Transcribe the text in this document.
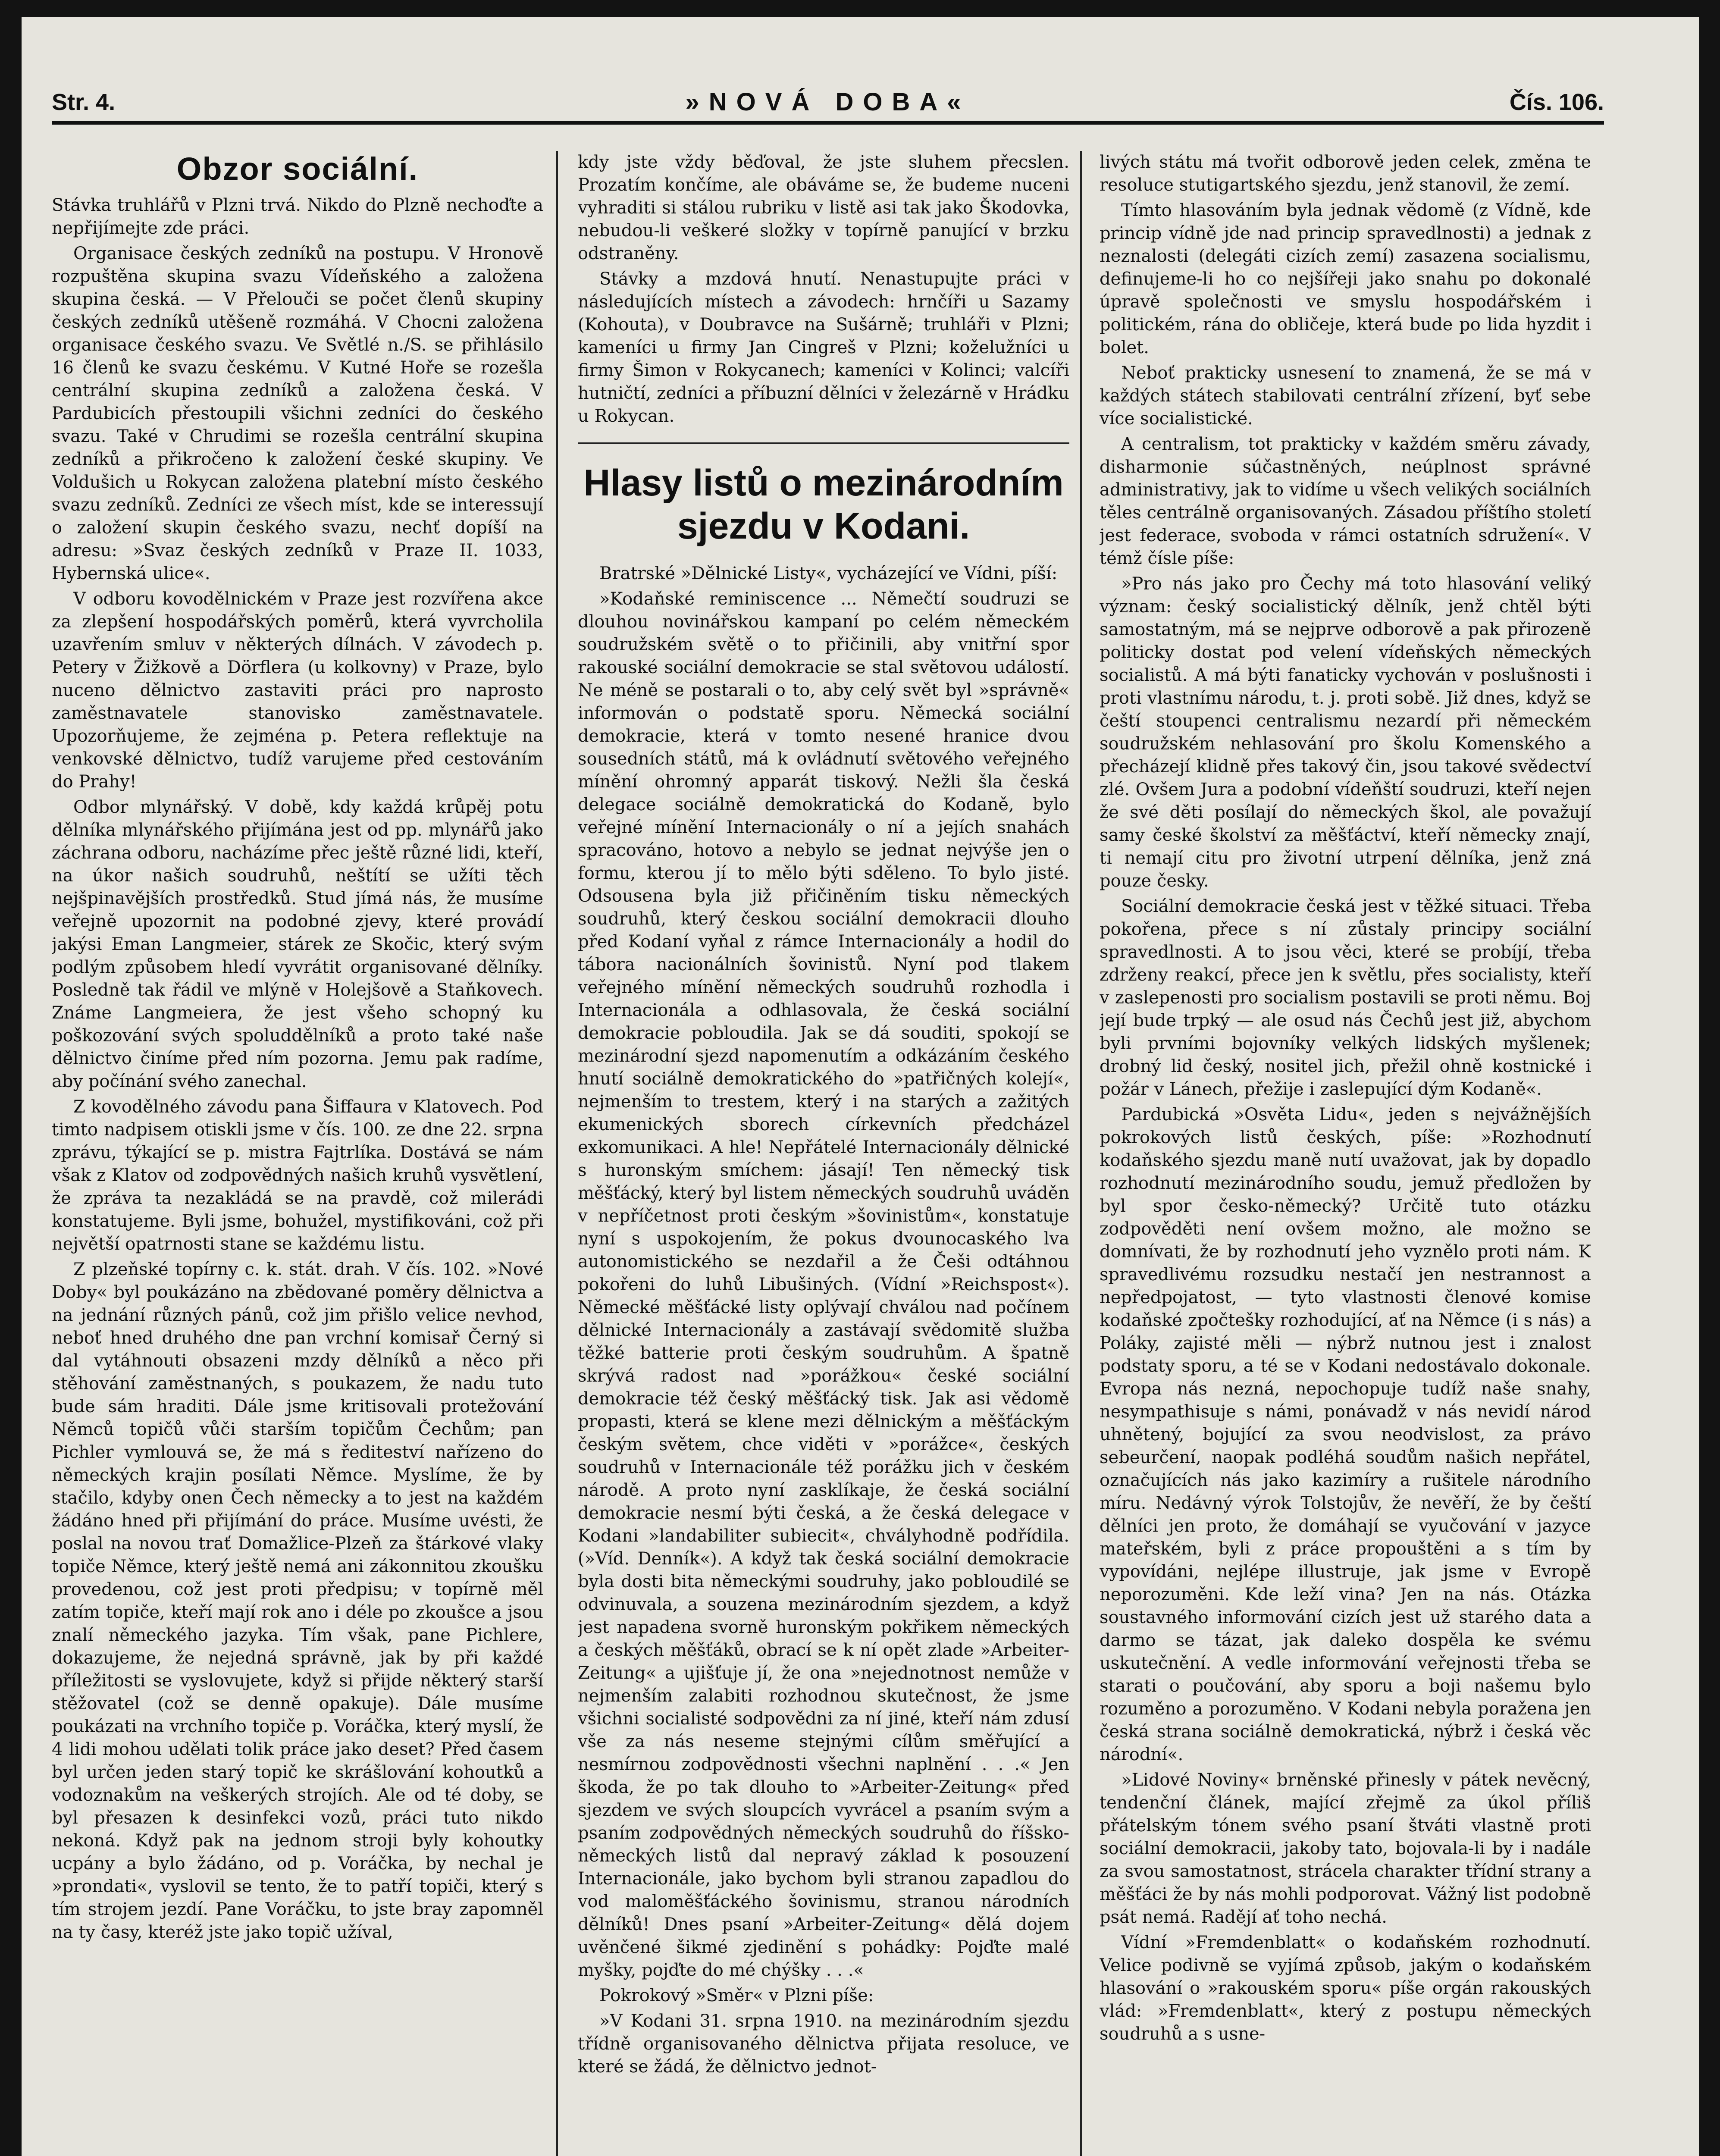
Str. 4.	»NOVÁ DOBA«	Čís. 106.
Obzor sociální.

Stávka truhlářů v Plzni trvá. Nikdo do Plzně nechoďte a nepřijímejte zde práci.

Organisace českých zedníků na postupu. V Hronově rozpuštěna skupina svazu Vídeňského a založena skupina česká. — V Přelouči se počet členů skupiny českých zedníků utěšeně rozmáhá. V Chocni založena organisace českého svazu. Ve Světlé n./S. se přihlásilo 16 členů ke svazu českému. V Kutné Hoře se rozešla centrální skupina zedníků a založena česká. V Pardubicích přestoupili všichni zedníci do českého svazu. Také v Chrudimi se rozešla centrální skupina zedníků a přikročeno k založení české skupiny. Ve Voldušich u Rokycan založena platební místo českého svazu zedníků. Zedníci ze všech míst, kde se interessují o založení skupin českého svazu, nechť dopíší na adresu: »Svaz českých zedníků v Praze II. 1033, Hybernská ulice«.

V odboru kovodělnickém v Praze jest rozvířena akce za zlepšení hospodářských poměrů, která vyvrcholila uzavřením smluv v některých dílnách. V závodech p. Petery v Žižkově a Dörflera (u kolkovny) v Praze, bylo nuceno dělnictvo zastaviti práci pro naprosto zaměstnavatele stanovisko zaměstnavatele. Upozorňujeme, že zejména p. Petera reflektuje na venkovské dělnictvo, tudíž varujeme před cestováním do Prahy!

Odbor mlynářský. V době, kdy každá krůpěj potu dělníka mlynářského přijímána jest od pp. mlynářů jako záchrana odboru, nacházíme přec ještě různé lidi, kteří, na úkor našich soudruhů, neštítí se užíti těch nejšpinavějších prostředků. Stud jímá nás, že musíme veřejně upozornit na podobné zjevy, které provádí jakýsi Eman Langmeier, stárek ze Skočic, který svým podlým způsobem hledí vyvrátit organisované dělníky. Posledně tak řádil ve mlýně v Holejšově a Staňkovech. Známe Langmeiera, že jest všeho schopný ku poškozování svých spoluddělníků a proto také naše dělnictvo činíme před ním pozorna. Jemu pak radíme, aby počínání svého zanechal.

Z kovodělného závodu pana Šiffaura v Klatovech. Pod timto nadpisem otiskli jsme v čís. 100. ze dne 22. srpna zprávu, týkající se p. mistra Fajtrlíka. Dostává se nám však z Klatov od zodpovědných našich kruhů vysvětlení, že zpráva ta nezakládá se na pravdě, což milerádi konstatujeme. Byli jsme, bohužel, mystifikováni, což při největší opatrnosti stane se každému listu.

Z plzeňské topírny c. k. stát. drah. V čís. 102. »Nové Doby« byl poukázáno na zbědované poměry dělnictva a na jednání různých pánů, což jim přišlo velice nevhod, neboť hned druhého dne pan vrchní komisař Černý si dal vytáhnouti obsazeni mzdy dělníků a něco při stěhování zaměstnaných, s poukazem, že nadu tuto bude sám hraditi. Dále jsme kritisovali protežování Němců topičů vůči starším topičům Čechům; pan Pichler vymlouvá se, že má s řediteství nařízeno do německých krajin posílati Němce. Myslíme, že by stačilo, kdyby onen Čech německy a to jest na každém žádáno hned při přijímání do práce. Musíme uvésti, že poslal na novou trať Domažlice-Plzeň za štárkové vlaky topiče Němce, který ještě nemá ani zákonnitou zkoušku provedenou, což jest proti předpisu; v topírně měl zatím topiče, kteří mají rok ano i déle po zkoušce a jsou znalí německého jazyka. Tím však, pane Pichlere, dokazujeme, že nejedná správně, jak by při každé příležitosti se vyslovujete, když si přijde některý starší stěžovatel (což se denně opakuje). Dále musíme poukázati na vrchního topiče p. Voráčka, který myslí, že 4 lidi mohou udělati tolik práce jako deset? Před časem byl určen jeden starý topič ke skrášlování kohoutků a vodoznakům na veškerých strojích. Ale od té doby, se byl přesazen k desinfekci vozů, práci tuto nikdo nekoná. Když pak na jednom stroji byly kohoutky ucpány a bylo žádáno, od p. Voráčka, by nechal je »prondati«, vyslovil se tento, že to patří topiči, který s tím strojem jezdí. Pane Voráčku, to jste bray zapomněl na ty časy, kteréž jste jako topič užíval,

kdy jste vždy běďoval, že jste sluhem přecslen. Prozatím končíme, ale obáváme se, že budeme nuceni vyhraditi si stálou rubriku v listě asi tak jako Škodovka, nebudou-li veškeré složky v topírně panující v brzku odstraněny.

Stávky a mzdová hnutí. Nenastupujte práci v následujících místech a závodech: hrnčíři u Sazamy (Kohouta), v Doubravce na Sušárně; truhláři v Plzni; kameníci u firmy Jan Cingreš v Plzni; koželužníci u firmy Šimon v Rokycanech; kameníci v Kolinci; valcíři hutničtí, zedníci a příbuzní dělníci v železárně v Hrádku u Rokycan.

Hlasy listů o mezinárodním sjezdu v Kodani.

Bratrské »Dělnické Listy«, vycházející ve Vídni, píší:

»Kodaňské reminiscence ... Němečtí soudruzi se dlouhou novinářskou kampaní po celém německém soudružském světě o to přičinili, aby vnitřní spor rakouské sociální demokracie se stal světovou událostí. Ne méně se postarali o to, aby celý svět byl »správně« informován o podstatě sporu. Německá sociální demokracie, která v tomto nesené hranice dvou sousedních států, má k ovládnutí světového veřejného mínění ohromný apparát tiskový. Nežli šla česká delegace sociálně demokratická do Kodaně, bylo veřejné mínění Internacionály o ní a jejích snahách spracováno, hotovo a nebylo se jednat nejvýše jen o formu, kterou jí to mělo býti sděleno. To bylo jisté. Odsousena byla již přičiněním tisku německých soudruhů, který českou sociální demokracii dlouho před Kodaní vyňal z rámce Internacionály a hodil do tábora nacionálních šovinistů. Nyní pod tlakem veřejného mínění německých soudruhů rozhodla i Internacionála a odhlasovala, že česká sociální demokracie pobloudila. Jak se dá souditi, spokojí se mezinárodní sjezd napomenutím a odkázáním českého hnutí sociálně demokratického do »patřičných kolejí«, nejmenším to trestem, který i na starých a zažitých ekumenických sborech církevních předcházel exkomunikaci. A hle! Nepřátelé Internacionály dělnické s huronským smíchem: jásají! Ten německý tisk měšťácký, který byl listem německých soudruhů uváděn v nepříčetnost proti českým »šovinistům«, konstatuje nyní s uspokojením, že pokus dvounocaského lva autonomistického se nezdařil a že Češi odtáhnou pokořeni do luhů Libušiných. (Vídní »Reichspost«). Německé měšťácké listy oplývají chválou nad počínem dělnické Internacionály a zastávají svědomitě služba těžké batterie proti českým soudruhům. A špatně skrývá radost nad »porážkou« české sociální demokracie též český měšťácký tisk. Jak asi vědomě propasti, která se klene mezi dělnickým a měšťáckým českým světem, chce viděti v »porážce«, českých soudruhů v Internacionále též porážku jich v českém národě. A proto nyní zasklíkaje, že česká sociální demokracie nesmí býti česká, a že česká delegace v Kodani »landabiliter subiecit«, chvályhodně podřídila. (»Víd. Denník«). A když tak česká sociální demokracie byla dosti bita německými soudruhy, jako pobloudilé se odvinuvala, a souzena mezinárodním sjezdem, a když jest napadena svorně huronským pokřikem německých a českých měšťáků, obrací se k ní opět zlade »Arbeiter-Zeitung« a ujišťuje jí, že ona »nejednotnost nemůže v nejmenším zalabiti rozhodnou skutečnost, že jsme všichni socialisté sodpovědni za ní jiné, kteří nám zdusí vše za nás neseme stejnými cílům směřující a nesmírnou zodpovědnosti všechni naplnění . . .« Jen škoda, že po tak dlouho to »Arbeiter-Zeitung« před sjezdem ve svých sloupcích vyvrácel a psaním svým a psaním zodpovědných německých soudruhů do říšsko-německých listů dal nepravý základ k posouzení Internacionále, jako bychom byli stranou zapadlou do vod maloměšťáckého šovinismu, stranou národních dělníků! Dnes psaní »Arbeiter-Zeitung« dělá dojem uvěnčené šikmé zjedinění s pohádky: Pojďte malé myšky, pojďte do mé chýšky . . .«

Pokrokový »Směr« v Plzni píše:

»V Kodani 31. srpna 1910. na mezinárodním sjezdu třídně organisovaného dělnictva přijata resoluce, ve které se žádá, že dělnictvo jednot-

livých státu má tvořit odborově jeden celek, změna te resoluce stutigartského sjezdu, jenž stanovil, že zemí.

Tímto hlasováním byla jednak vědomě (z Vídně, kde princip vídně jde nad princip spravedlnosti) a jednak z neznalosti (delegáti cizích zemí) zasazena socialismu, definujeme-li ho co nejšířeji jako snahu po dokonalé úpravě společnosti ve smyslu hospodářském i politickém, rána do obličeje, která bude po lida hyzdit i bolet.

Neboť prakticky usnesení to znamená, že se má v každých státech stabilovati centrální zřízení, byť sebe více socialistické.

A centralism, tot prakticky v každém směru závady, disharmonie súčastněných, neúplnost správné administrativy, jak to vidíme u všech velikých sociálních těles centrálně organisovaných. Zásadou příštího století jest federace, svoboda v rámci ostatních sdružení«. V témž čísle píše:

»Pro nás jako pro Čechy má toto hlasování veliký význam: český socialistický dělník, jenž chtěl býti samostatným, má se nejprve odborově a pak přirozeně politicky dostat pod velení vídeňských německých socialistů. A má býti fanaticky vychován v poslušnosti i proti vlastnímu národu, t. j. proti sobě. Již dnes, když se čeští stoupenci centralismu nezardí při německém soudružském nehlasování pro školu Komenského a přecházejí klidně přes takový čin, jsou takové svědectví zlé. Ovšem Jura a podobní vídeňští soudruzi, kteří nejen že své děti posílají do německých škol, ale považují samy české školství za měšťáctví, kteří německy znají, ti nemají citu pro životní utrpení dělníka, jenž zná pouze česky.

Sociální demokracie česká jest v těžké situaci. Třeba pokořena, přece s ní zůstaly principy sociální spravedlnosti. A to jsou věci, které se probíjí, třeba zdrženy reakcí, přece jen k světlu, přes socialisty, kteří v zaslepenosti pro socialism postavili se proti němu. Boj její bude trpký — ale osud nás Čechů jest již, abychom byli prvními bojovníky velkých lidských myšlenek; drobný lid český, nositel jich, přežil ohně kostnické i požár v Lánech, přežije i zaslepující dým Kodaně«.

Pardubická »Osvěta Lidu«, jeden s nejvážnějších pokrokových listů českých, píše: »Rozhodnutí kodaňského sjezdu maně nutí uvažovat, jak by dopadlo rozhodnutí mezinárodního soudu, jemuž předložen by byl spor česko-německý? Určitě tuto otázku zodpověděti není ovšem možno, ale možno se domnívati, že by rozhodnutí jeho vyznělo proti nám. K spravedlivému rozsudku nestačí jen nestrannost a nepředpojatost, — tyto vlastnosti členové komise kodaňské zpočtešky rozhodující, ať na Němce (i s nás) a Poláky, zajisté měli — nýbrž nutnou jest i znalost podstaty sporu, a té se v Kodani nedostávalo dokonale. Evropa nás nezná, nepochopuje tudíž naše snahy, nesympathisuje s námi, ponávadž v nás nevidí národ uhnětený, bojující za svou neodvislost, za právo sebeurčení, naopak podléhá soudům našich nepřátel, označujících nás jako kazimíry a rušitele národního míru. Nedávný výrok Tolstojův, že nevěří, že by čeští dělníci jen proto, že domáhají se vyučování v jazyce mateřském, byli z práce propouštěni a s tím by vypovídáni, nejlépe illustruje, jak jsme v Evropě neporozuměni. Kde leží vina? Jen na nás. Otázka soustavného informování cizích jest už starého data a darmo se tázat, jak daleko dospěla ke svému uskutečnění. A vedle informování veřejnosti třeba se starati o poučování, aby sporu a boji našemu bylo rozuměno a porozuměno. V Kodani nebyla poražena jen česká strana sociálně demokratická, nýbrž i česká věc národní«.

»Lidové Noviny« brněnské přinesly v pátek nevěcný, tendenční článek, mající zřejmě za úkol příliš přátelským tónem svého psaní štváti vlastně proti sociální demokracii, jakoby tato, bojovala-li by i nadále za svou samostatnost, strácela charakter třídní strany a měšťáci že by nás mohli podporovat. Vážný list podobně psát nemá. Radějí ať toho nechá.

Vídní »Fremdenblatt« o kodaňském rozhodnutí. Velice podivně se vyjímá způsob, jakým o kodaňském hlasování o »rakouském sporu« píše orgán rakouských vlád: »Fremdenblatt«, který z postupu německých soudruhů a s usne-
